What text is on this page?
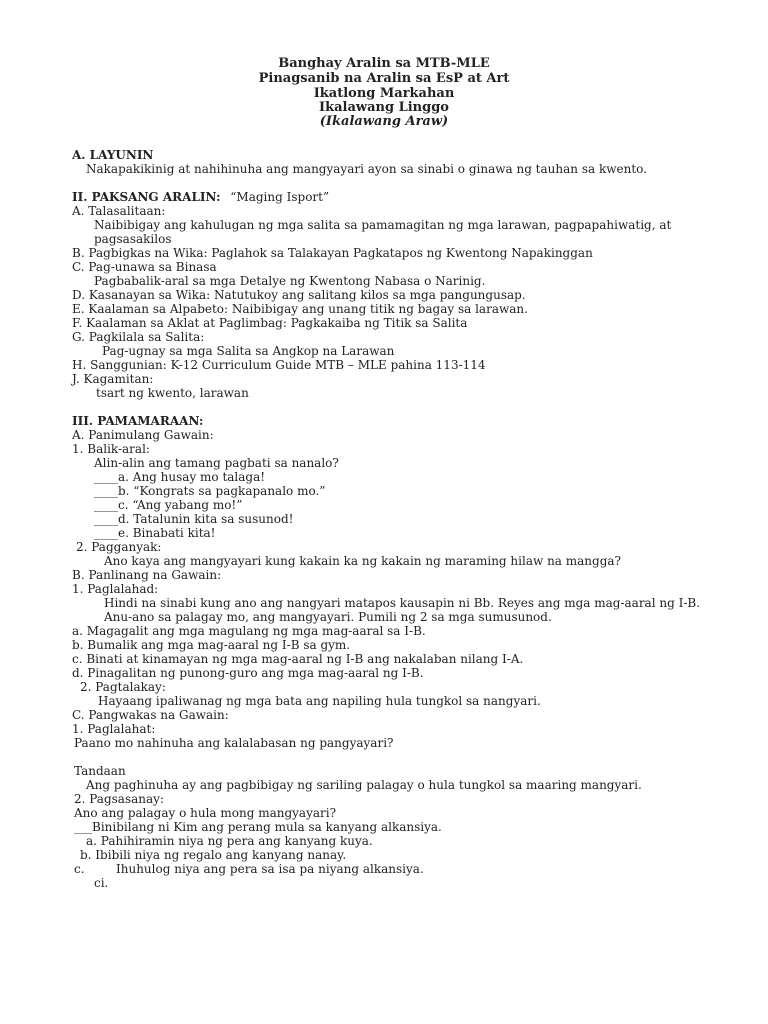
Banghay Aralin sa MTB-MLE
Pinagsanib na Aralin sa EsP at Art
Ikatlong Markahan
Ikalawang Linggo
(Ikalawang Araw)
A. LAYUNIN
Nakapakikinig at nahihinuha ang mangyayari ayon sa sinabi o ginawa ng tauhan sa kwento.
II. PAKSANG ARALIN: “Maging Isport”
A. Talasalitaan:
Naibibigay ang kahulugan ng mga salita sa pamamagitan ng mga larawan, pagpapahiwatig, at
pagsasakilos
B. Pagbigkas na Wika: Paglahok sa Talakayan Pagkatapos ng Kwentong Napakinggan
C. Pag-unawa sa Binasa
Pagbabalik-aral sa mga Detalye ng Kwentong Nabasa o Narinig.
D. Kasanayan sa Wika: Natutukoy ang salitang kilos sa mga pangungusap.
E. Kaalaman sa Alpabeto: Naibibigay ang unang titik ng bagay sa larawan.
F. Kaalaman sa Aklat at Paglimbag: Pagkakaiba ng Titik sa Salita
G. Pagkilala sa Salita:
Pag-ugnay sa mga Salita sa Angkop na Larawan
H. Sanggunian: K-12 Curriculum Guide MTB – MLE pahina 113-114
J. Kagamitan:
tsart ng kwento, larawan
III. PAMAMARAAN:
A. Panimulang Gawain:
1. Balik-aral:
Alin-alin ang tamang pagbati sa nanalo?
____a. Ang husay mo talaga!
____b. “Kongrats sa pagkapanalo mo.”
____c. “Ang yabang mo!”
____d. Tatalunin kita sa susunod!
____e. Binabati kita!
2. Pagganyak:
Ano kaya ang mangyayari kung kakain ka ng kakain ng maraming hilaw na mangga?
B. Panlinang na Gawain:
1. Paglalahad:
Hindi na sinabi kung ano ang nangyari matapos kausapin ni Bb. Reyes ang mga mag-aaral ng I-B.
Anu-ano sa palagay mo, ang mangyayari. Pumili ng 2 sa mga sumusunod.
a. Magagalit ang mga magulang ng mga mag-aaral sa I-B.
b. Bumalik ang mga mag-aaral ng I-B sa gym.
c. Binati at kinamayan ng mga mag-aaral ng I-B ang nakalaban nilang I-A.
d. Pinagalitan ng punong-guro ang mga mag-aaral ng I-B.
2. Pagtalakay:
Hayaang ipaliwanag ng mga bata ang napiling hula tungkol sa nangyari.
C. Pangwakas na Gawain:
1. Paglalahat:
Paano mo nahinuha ang kalalabasan ng pangyayari?
Tandaan
Ang paghinuha ay ang pagbibigay ng sariling palagay o hula tungkol sa maaring mangyari.
2. Pagsasanay:
Ano ang palagay o hula mong mangyayari?
___Binibilang ni Kim ang perang mula sa kanyang alkansiya.
a. Pahihiramin niya ng pera ang kanyang kuya.
b. Ibibili niya ng regalo ang kanyang nanay.
c.	Ihuhulog niya ang pera sa isa pa niyang alkansiya.
ci.
